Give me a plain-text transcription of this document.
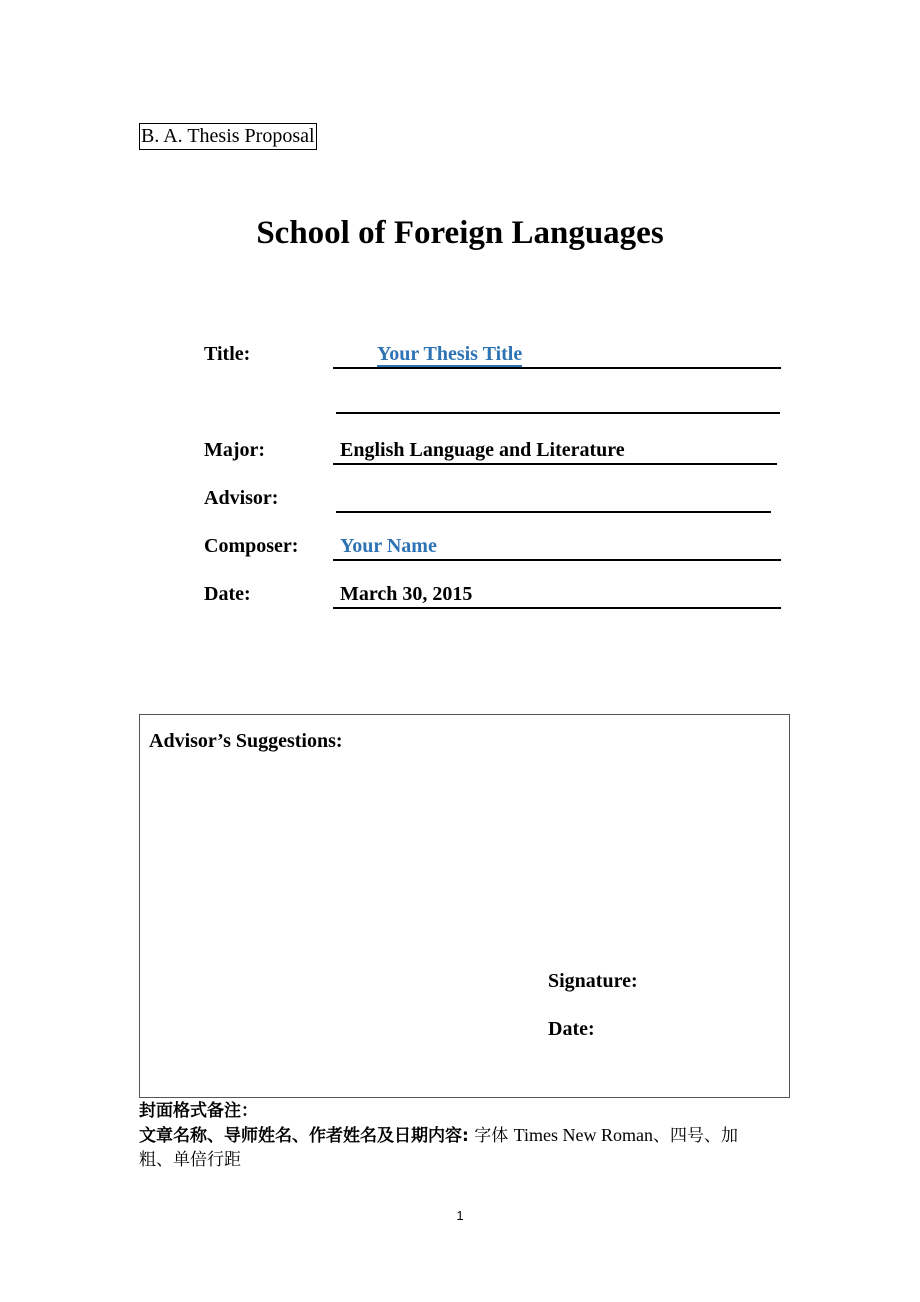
B. A. Thesis Proposal
School of Foreign Languages
Title:	Your Thesis Title
Major:	English Language and Literature
Advisor:
Composer:	Your Name
Date:	March 30, 2015
Advisor’s Suggestions:
Signature:
Date:
封面格式备注：
文章名称、导师姓名、作者姓名及日期内容: 字体 Times New Roman、四号、加
粗、单倍行距
1
